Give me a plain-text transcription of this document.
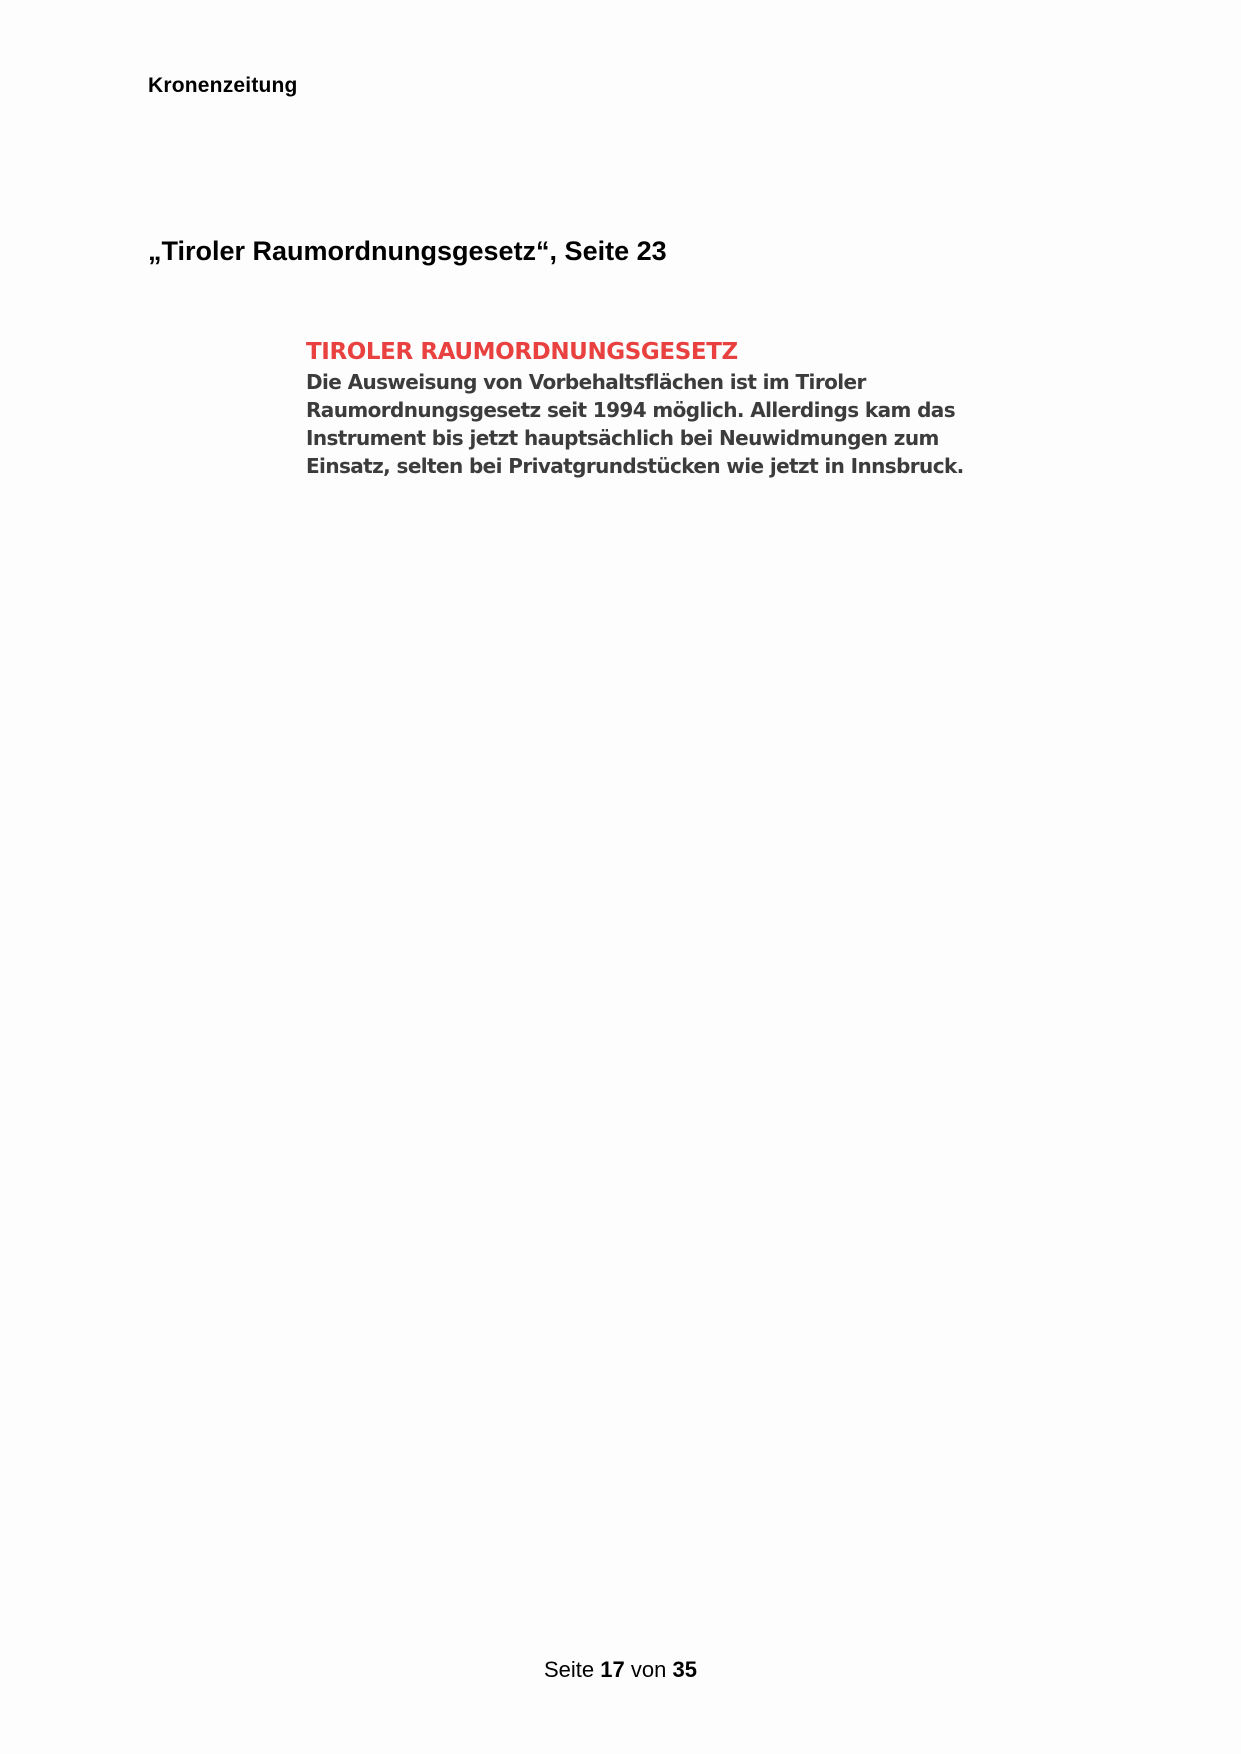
Kronenzeitung
„Tiroler Raumordnungsgesetz“, Seite 23
TIROLER RAUMORDNUNGSGESETZ
Die Ausweisung von Vorbehaltsflächen ist im Tiroler
Raumordnungsgesetz seit 1994 möglich. Allerdings kam das
Instrument bis jetzt hauptsächlich bei Neuwidmungen zum
Einsatz, selten bei Privatgrundstücken wie jetzt in Innsbruck.
Seite 17 von 35
